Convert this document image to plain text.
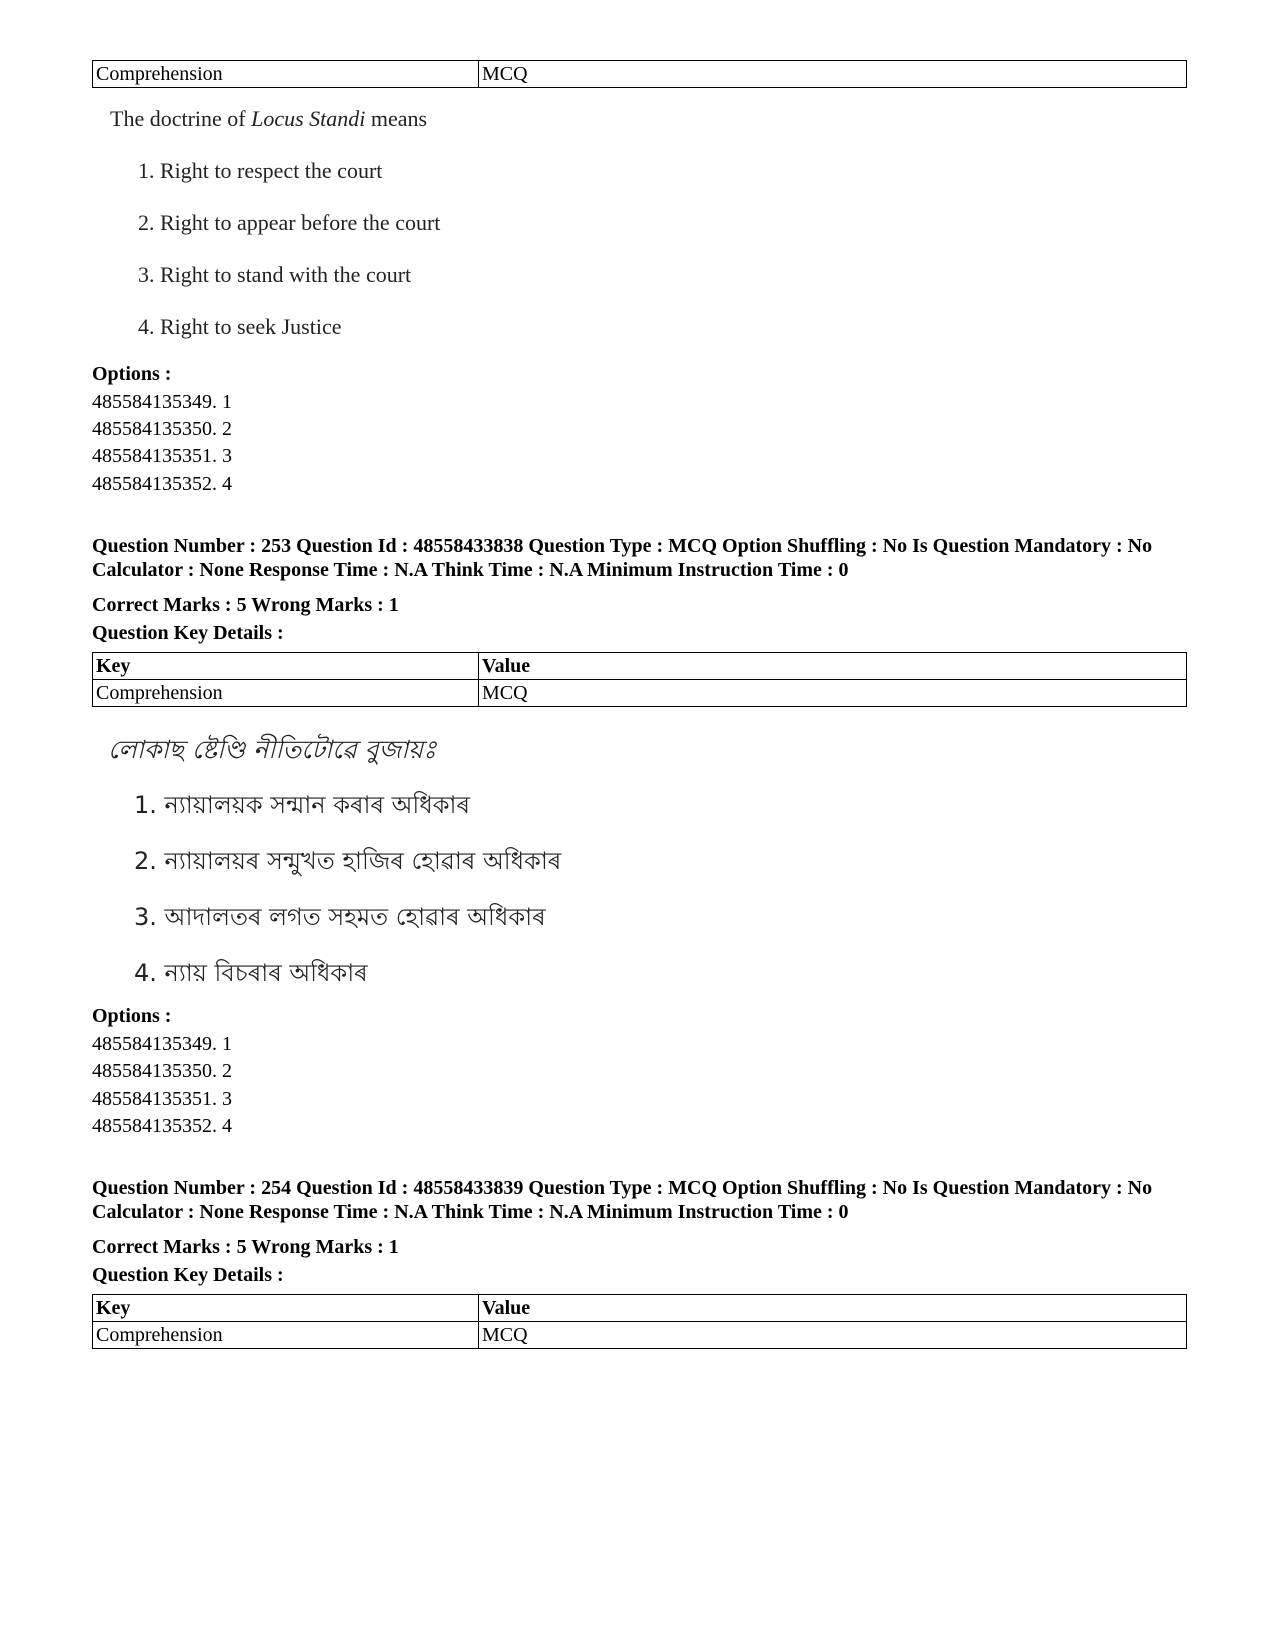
Comprehension	MCQ
The doctrine of Locus Standi means
1. Right to respect the court
2. Right to appear before the court
3. Right to stand with the court
4. Right to seek Justice
Options :
485584135349. 1
485584135350. 2
485584135351. 3
485584135352. 4
Question Number : 253 Question Id : 48558433838 Question Type : MCQ Option Shuffling : No Is Question Mandatory : No Calculator : None Response Time : N.A Think Time : N.A Minimum Instruction Time : 0
Correct Marks : 5 Wrong Marks : 1
Question Key Details :
Key	Value
Comprehension	MCQ
লোকাছ ষ্টেণ্ডি নীতিটোৱে বুজায়ঃ
1. ন্যায়ালয়ক সন্মান কৰাৰ অধিকাৰ
2. ন্যায়ালয়ৰ সন্মুখত হাজিৰ হোৱাৰ অধিকাৰ
3. আদালতৰ লগত সহমত হোৱাৰ অধিকাৰ
4. ন্যায় বিচৰাৰ অধিকাৰ
Options :
485584135349. 1
485584135350. 2
485584135351. 3
485584135352. 4
Question Number : 254 Question Id : 48558433839 Question Type : MCQ Option Shuffling : No Is Question Mandatory : No Calculator : None Response Time : N.A Think Time : N.A Minimum Instruction Time : 0
Correct Marks : 5 Wrong Marks : 1
Question Key Details :
Key	Value
Comprehension	MCQ
